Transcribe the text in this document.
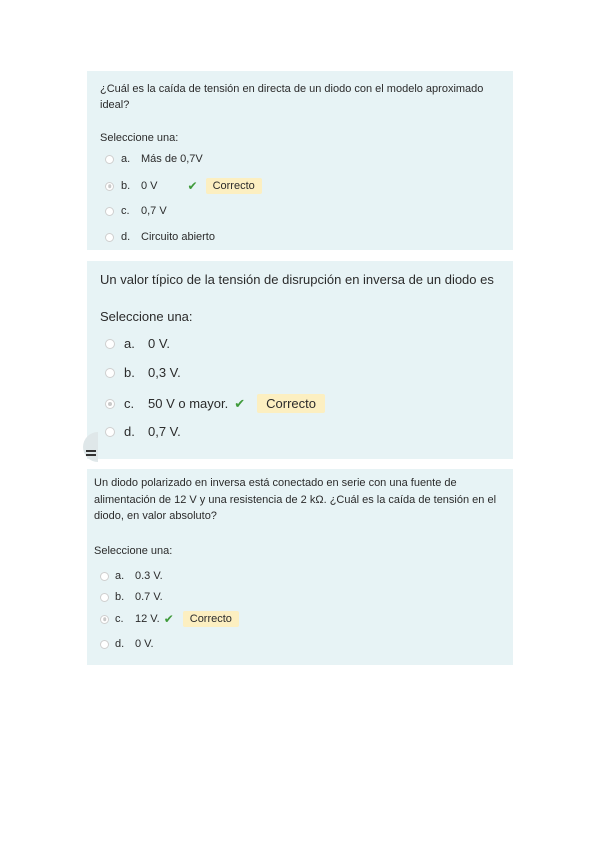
¿Cuál es la caída de tensión en directa de un diodo con el modelo aproximado ideal?
Seleccione una:
a. Más de 0,7V
b. 0 V	✔	Correcto
c.	0,7 V
d. Circuito abierto
Un valor típico de la tensión de disrupción en inversa de un diodo es
Seleccione una:
a.	0 V.
b.	0,3 V.
c.	50 V o mayor. ✔	Correcto
d.	0,7 V.
Un diodo polarizado en inversa está conectado en serie con una fuente de alimentación de 12 V y una resistencia de 2 kΩ. ¿Cuál es la caída de tensión en el diodo, en valor absoluto?
Seleccione una:
a. 0.3 V.
b. 0.7 V.
c.	12 V. ✔	Correcto
d. 0 V.
